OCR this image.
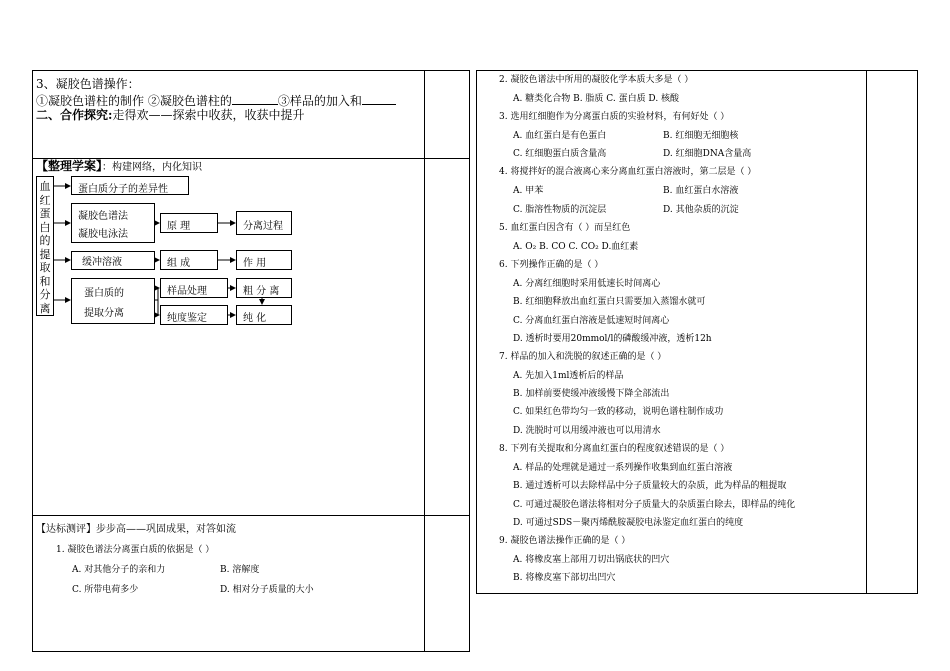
3、凝胶色谱操作：
①凝胶色谱柱的制作 ②凝胶色谱柱的	③样品的加入和
二、合作探究:走得欢——探索中收获，收获中提升
【整理学案】：构建网络，内化知识
血
红
蛋
白
的
提
取
和
分
离
蛋白质分子的差异性
凝胶色谱法
凝胶电泳法
缓冲溶液
蛋白质的
提取分离
原 理
组 成
样品处理
纯度鉴定
分离过程
作 用
粗 分 离
纯 化
【达标测评】步步高——巩固成果，对答如流
1. 凝胶色谱法分离蛋白质的依据是（ ）
A. 对其他分子的亲和力	B. 溶解度
C. 所带电荷多少	D. 相对分子质量的大小
2. 凝胶色谱法中所用的凝胶化学本质大多是（ ）
A. 糖类化合物 B. 脂质 C. 蛋白质 D. 核酸
3. 选用红细胞作为分离蛋白质的实验材料，有何好处（ ）
A. 血红蛋白是有色蛋白	B. 红细胞无细胞核
C. 红细胞蛋白质含量高	D. 红细胞DNA含量高
4. 将搅拌好的混合液离心来分离血红蛋白溶液时，第二层是（ ）
A. 甲苯	B. 血红蛋白水溶液
C. 脂溶性物质的沉淀层	D. 其他杂质的沉淀
5. 血红蛋白因含有（ ）而呈红色
A. O₂ B. CO C. CO₂ D.血红素
6. 下列操作正确的是（ ）
A. 分离红细胞时采用低速长时间离心
B. 红细胞释放出血红蛋白只需要加入蒸馏水就可
C. 分离血红蛋白溶液是低速短时间离心
D. 透析时要用20mmol/l的磷酸缓冲液，透析12h
7. 样品的加入和洗脱的叙述正确的是（ ）
A. 先加入1ml透析后的样品
B. 加样前要使缓冲液缓慢下降全部流出
C. 如果红色带均匀一致的移动，说明色谱柱制作成功
D. 洗脱时可以用缓冲液也可以用清水
8. 下列有关提取和分离血红蛋白的程度叙述错误的是（ ）
A. 样品的处理就是通过一系列操作收集到血红蛋白溶液
B. 通过透析可以去除样品中分子质量较大的杂质，此为样品的粗提取
C. 可通过凝胶色谱法将相对分子质量大的杂质蛋白除去，即样品的纯化
D. 可通过SDS－聚丙烯酰胺凝胶电泳鉴定血红蛋白的纯度
9. 凝胶色谱法操作正确的是（ ）
A. 将橡皮塞上部用刀切出锅底状的凹穴
B. 将橡皮塞下部切出凹穴
